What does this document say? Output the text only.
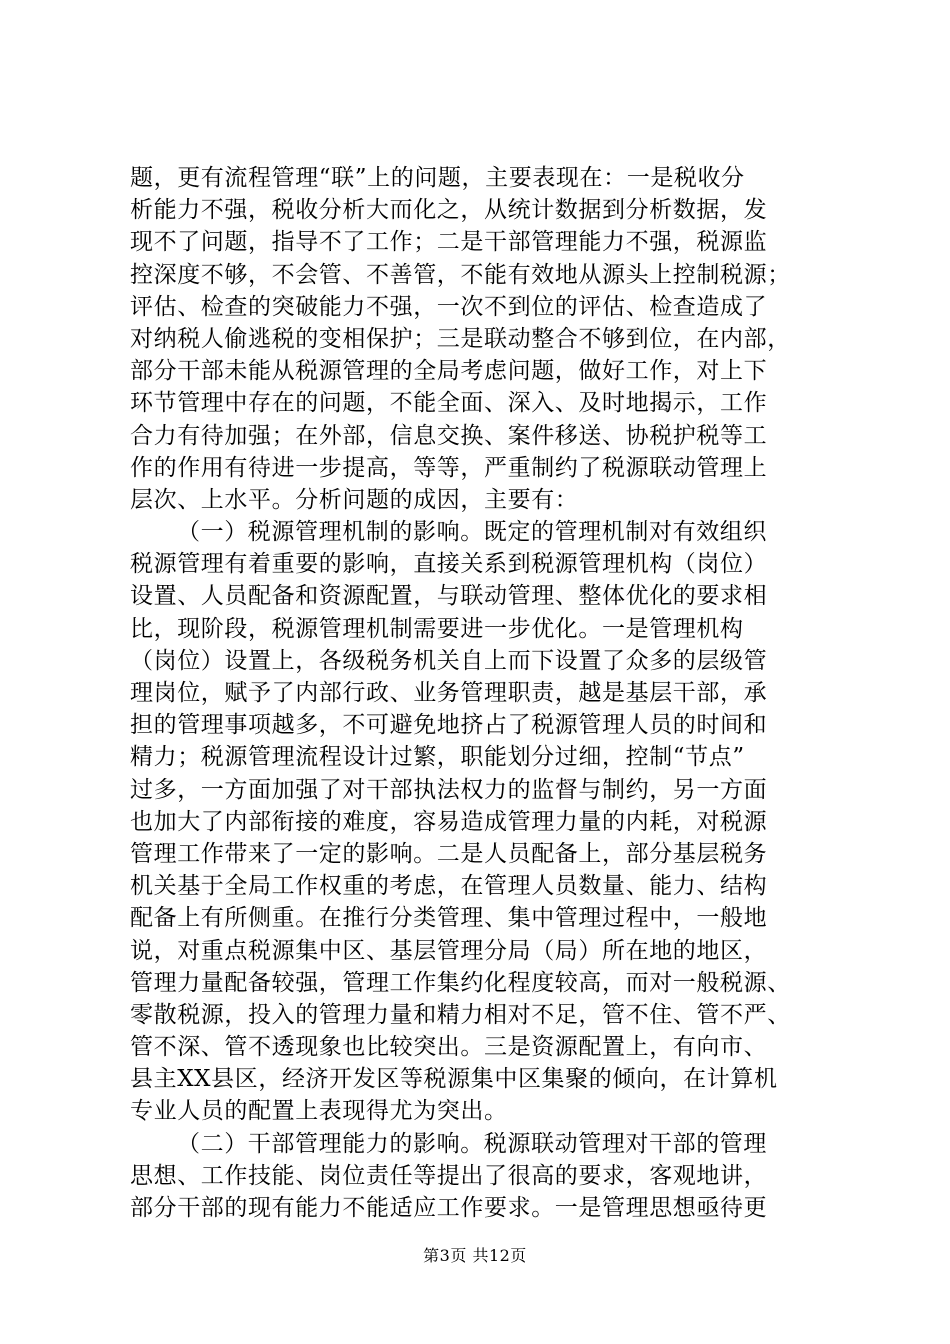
题，更有流程管理“联”上的问题，主要表现在：一是税收分
析能力不强，税收分析大而化之，从统计数据到分析数据，发
现不了问题，指导不了工作；二是干部管理能力不强，税源监
控深度不够，不会管、不善管，不能有效地从源头上控制税源；
评估、检查的突破能力不强，一次不到位的评估、检查造成了
对纳税人偷逃税的变相保护；三是联动整合不够到位，在内部，
部分干部未能从税源管理的全局考虑问题，做好工作，对上下
环节管理中存在的问题，不能全面、深入、及时地揭示，工作
合力有待加强；在外部，信息交换、案件移送、协税护税等工
作的作用有待进一步提高，等等，严重制约了税源联动管理上
层次、上水平。分析问题的成因，主要有：
（一）税源管理机制的影响。既定的管理机制对有效组织
税源管理有着重要的影响，直接关系到税源管理机构（岗位）
设置、人员配备和资源配置，与联动管理、整体优化的要求相
比，现阶段，税源管理机制需要进一步优化。一是管理机构
（岗位）设置上，各级税务机关自上而下设置了众多的层级管
理岗位，赋予了内部行政、业务管理职责，越是基层干部，承
担的管理事项越多，不可避免地挤占了税源管理人员的时间和
精力；税源管理流程设计过繁，职能划分过细，控制“节点”
过多，一方面加强了对干部执法权力的监督与制约，另一方面
也加大了内部衔接的难度，容易造成管理力量的内耗，对税源
管理工作带来了一定的影响。二是人员配备上，部分基层税务
机关基于全局工作权重的考虑，在管理人员数量、能力、结构
配备上有所侧重。在推行分类管理、集中管理过程中，一般地
说，对重点税源集中区、基层管理分局（局）所在地的地区，
管理力量配备较强，管理工作集约化程度较高，而对一般税源、
零散税源，投入的管理力量和精力相对不足，管不住、管不严、
管不深、管不透现象也比较突出。三是资源配置上，有向市、
县主XX县区，经济开发区等税源集中区集聚的倾向，在计算机
专业人员的配置上表现得尤为突出。
（二）干部管理能力的影响。税源联动管理对干部的管理
思想、工作技能、岗位责任等提出了很高的要求，客观地讲，
部分干部的现有能力不能适应工作要求。一是管理思想亟待更
第3页 共12页
